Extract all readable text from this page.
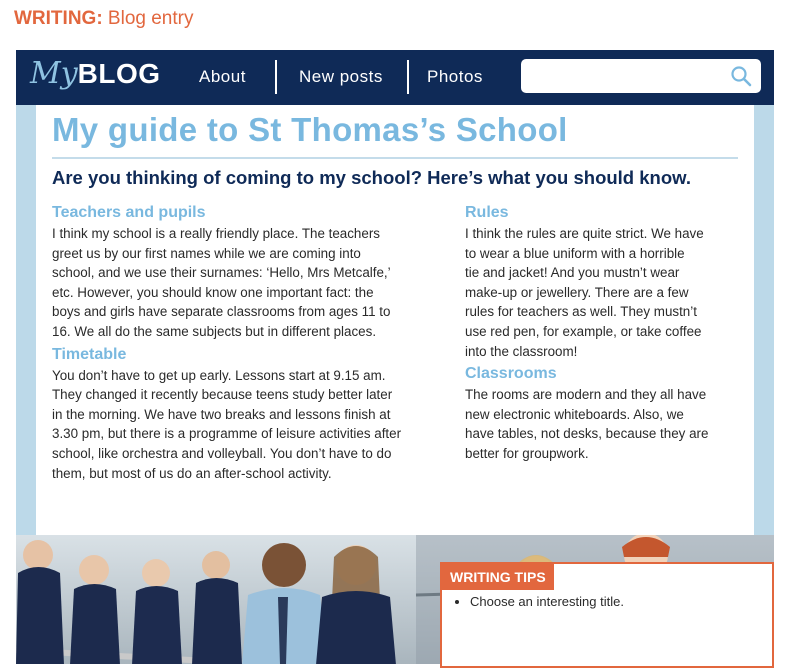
WRITING: Blog entry
MyBLOG About	New posts	Photos
My guide to St Thomas’s School
Are you thinking of coming to my school? Here’s what you should know.
Teachers and pupils

I think my school is a really friendly place. The teachers

greet us by our first names while we are coming into

school, and we use their surnames: ‘Hello, Mrs Metcalfe,’

etc. However, you should know one important fact: the

boys and girls have separate classrooms from ages 11 to

16. We all do the same subjects but in different places.

Timetable

You don’t have to get up early. Lessons start at 9.15 am.

They changed it recently because teens study better later

in the morning. We have two breaks and lessons finish at

3.30 pm, but there is a programme of leisure activities after

school, like orchestra and volleyball. You don’t have to do

them, but most of us do an after-school activity.

Rules

I think the rules are quite strict. We have

to wear a blue uniform with a horrible

tie and jacket! And you mustn’t wear

make-up or jewellery. There are a few

rules for teachers as well. They mustn’t

use red pen, for example, or take coffee

into the classroom!

Classrooms

The rooms are modern and they all have

new electronic whiteboards. Also, we

have tables, not desks, because they are

better for groupwork.

WRITING TIPS
• Choose an interesting title.
